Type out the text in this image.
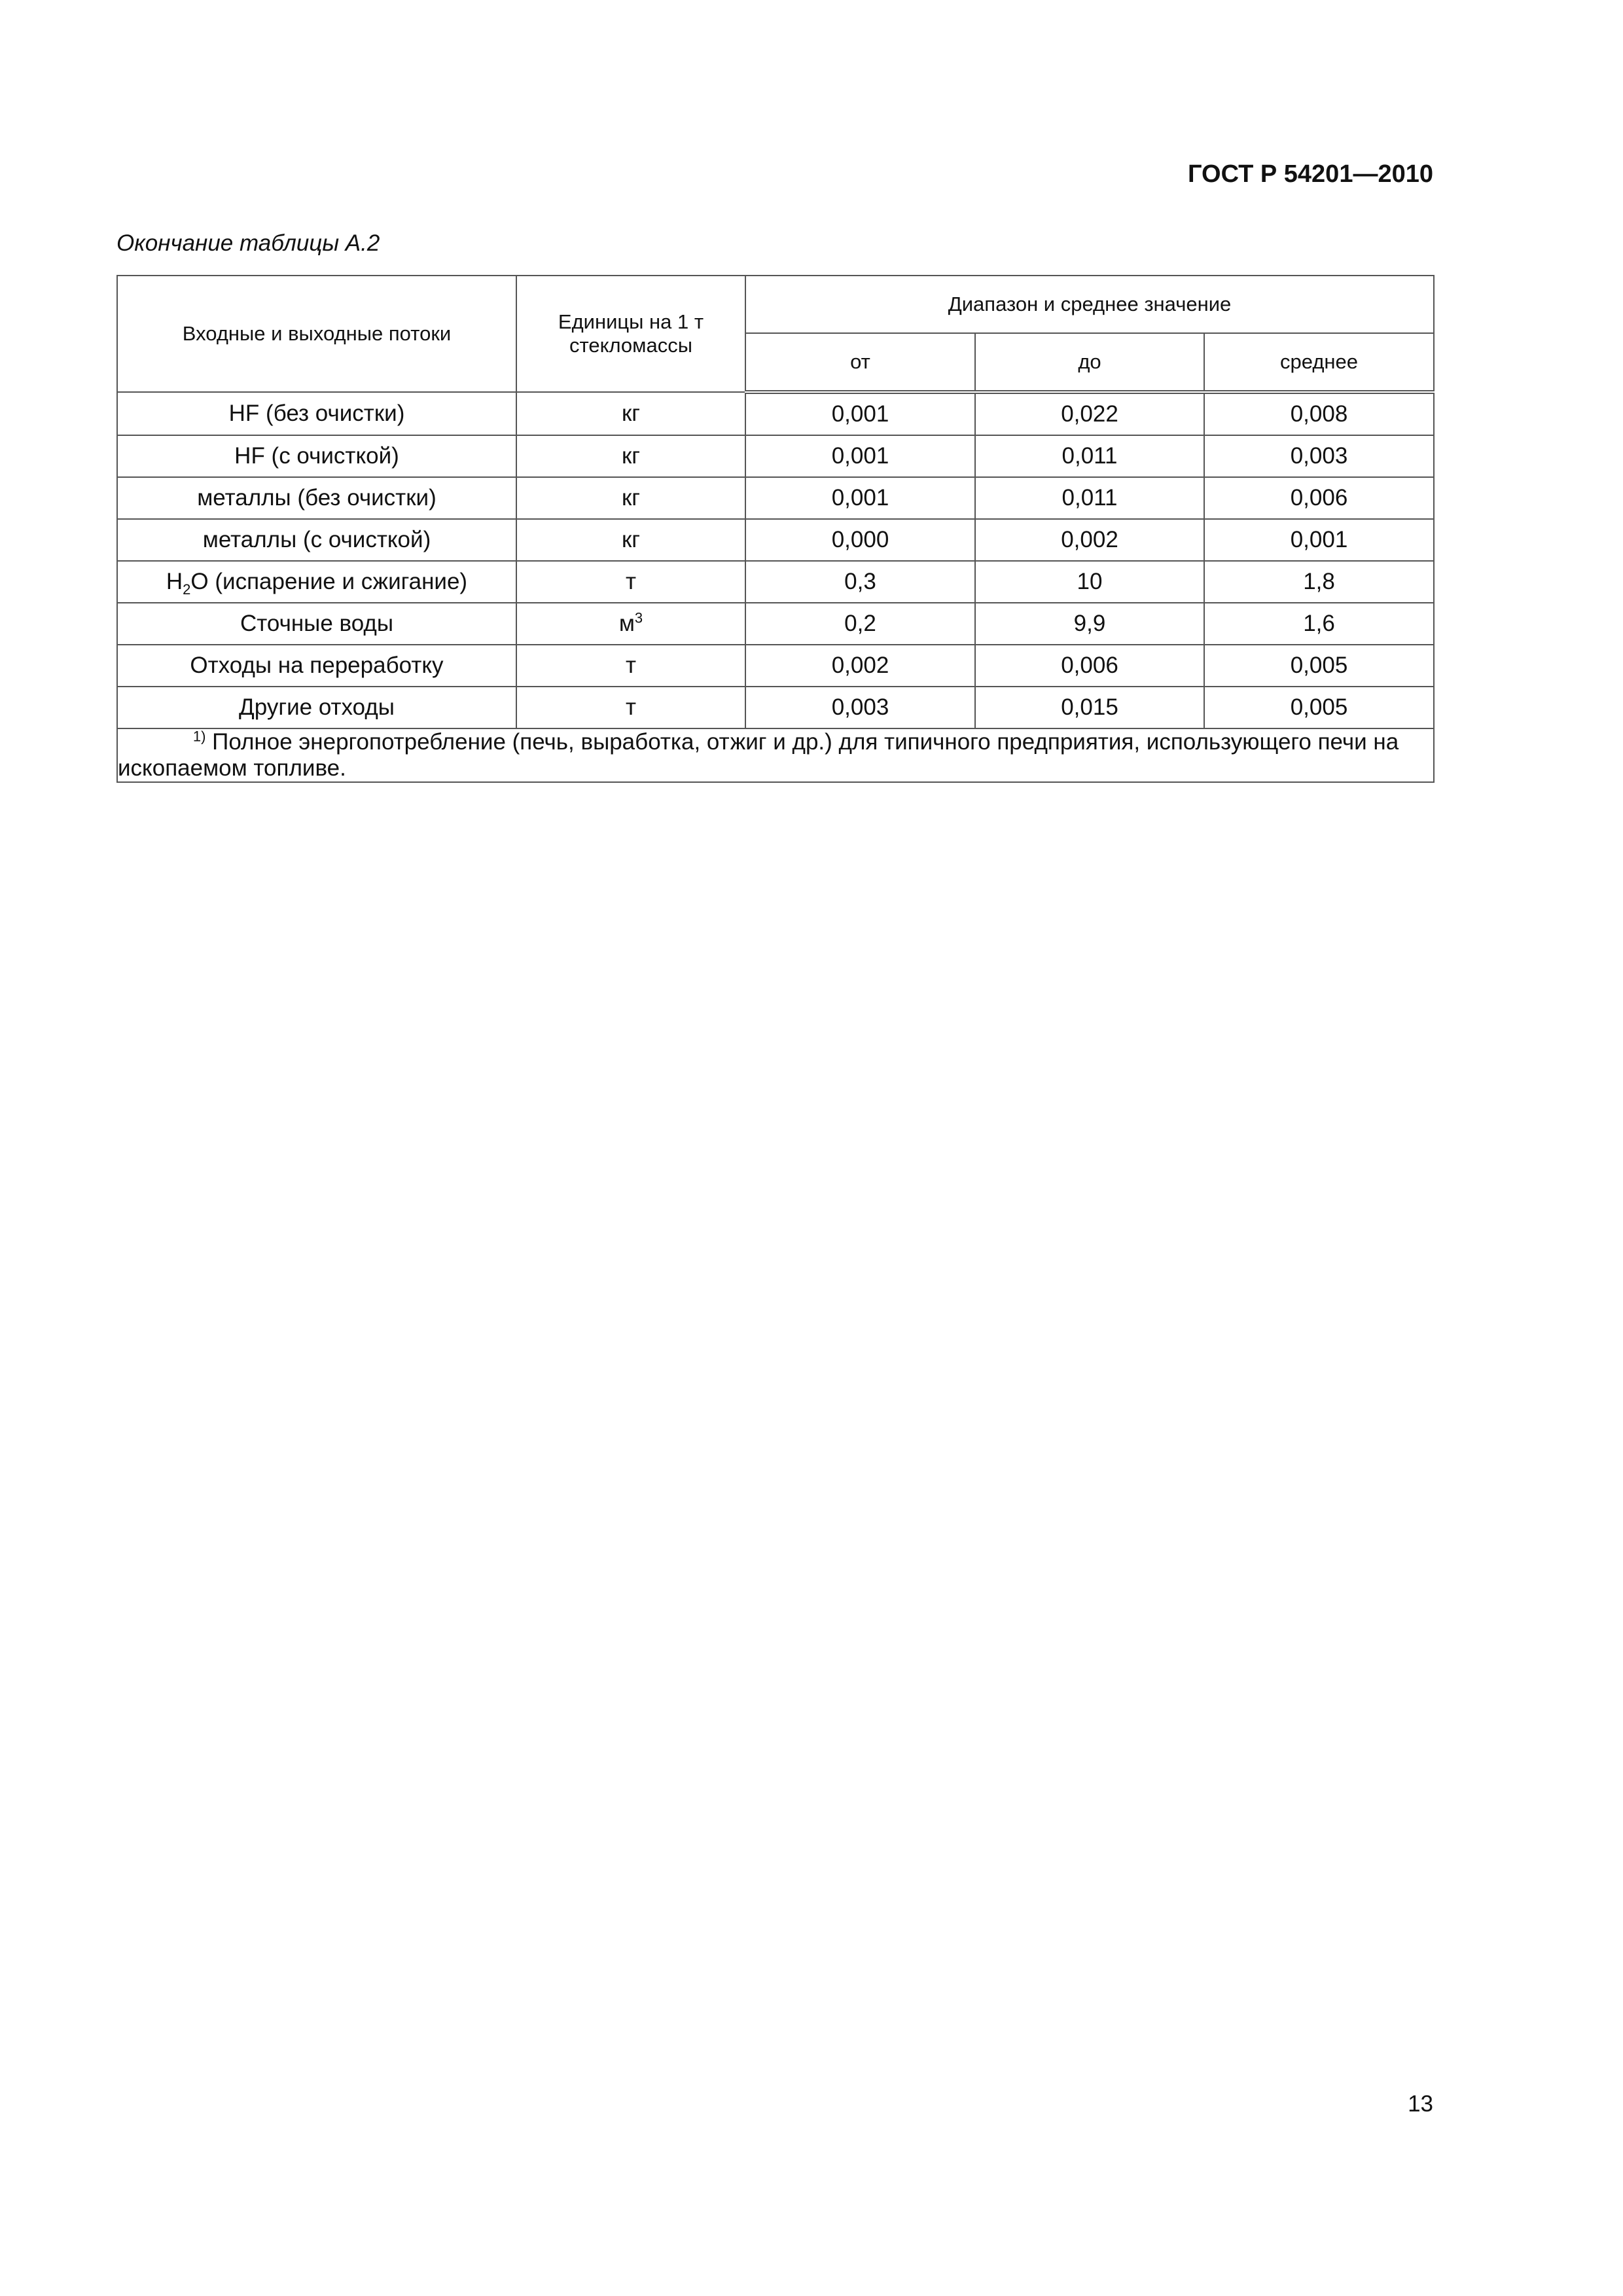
ГОСТ Р 54201—2010
Окончание таблицы А.2
Входные и выходные потоки	Единицы на 1 т стекломассы	Диапазон и среднее значение		
		от	до	среднее
HF (без очистки)	кг	0,001	0,022	0,008
HF (с очисткой)	кг	0,001	0,011	0,003
металлы (без очистки)	кг	0,001	0,011	0,006
металлы (с очисткой)	кг	0,000	0,002	0,001
$H_2O$ (испарение и сжигание)	т	0,3	10	1,8
Сточные воды	$м^3$	0,2	9,9	1,6
Отходы на переработку	т	0,002	0,006	0,005
Другие отходы	т	0,003	0,015	0,005
$^{1)}$ Полное энергопотребление (печь, выработка, отжиг и др.) для типичного предприятия, использующего печи на ископаемом топливе.				
13
